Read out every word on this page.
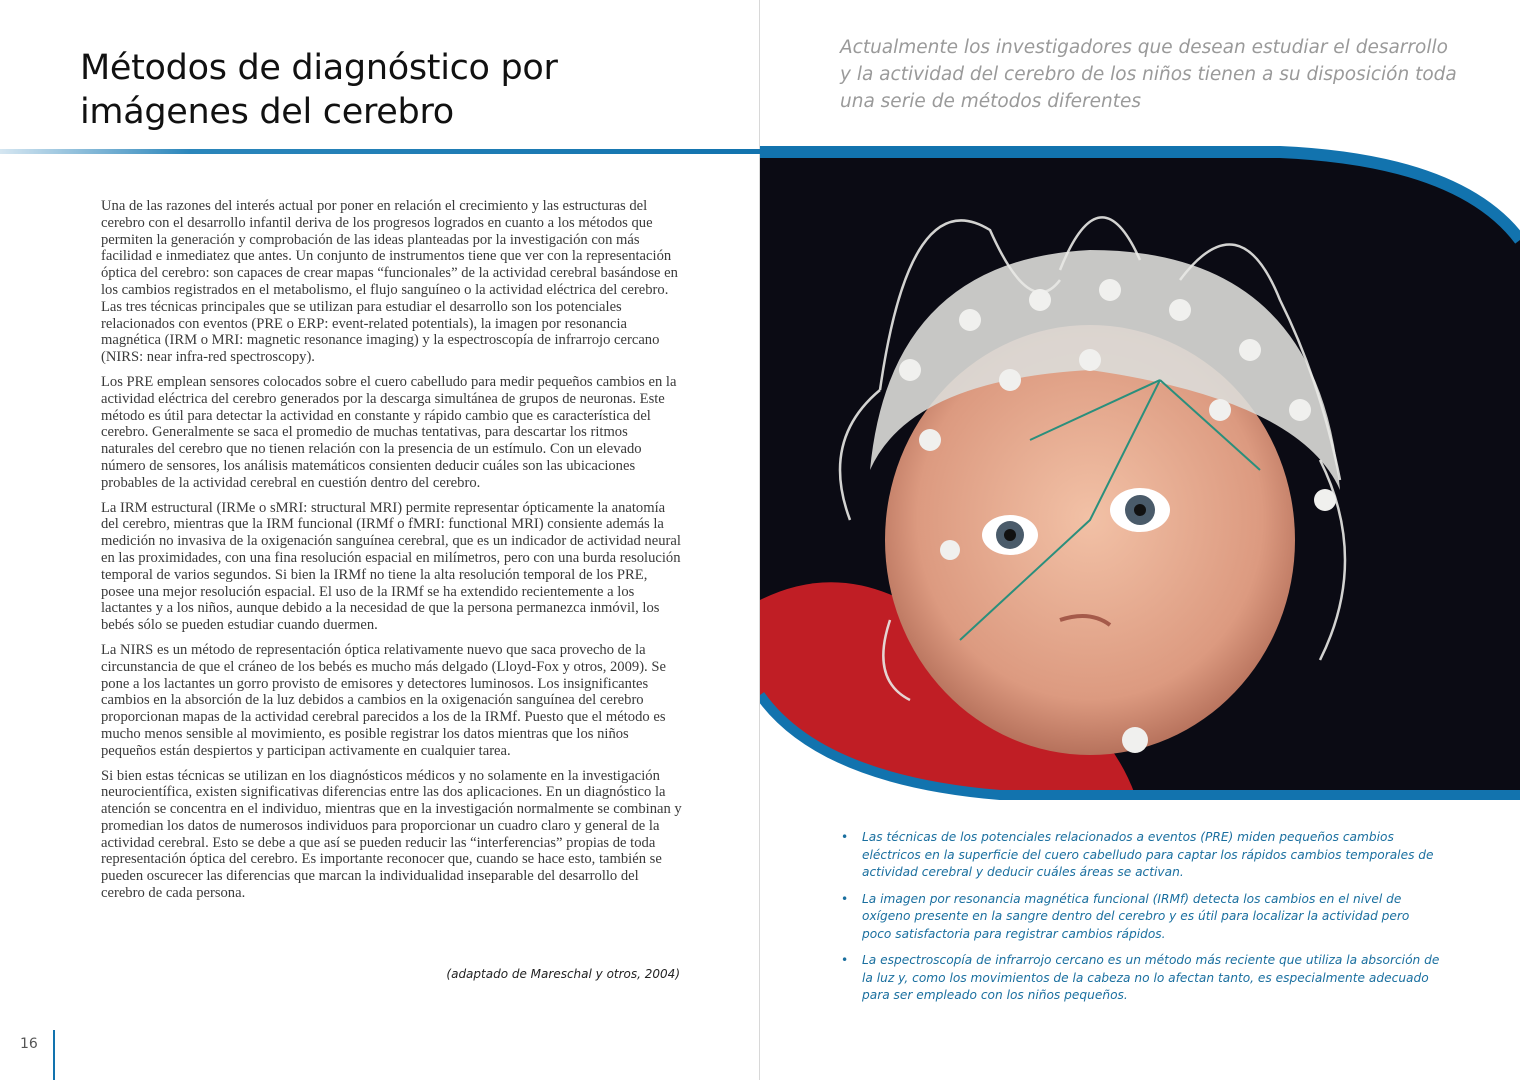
Métodos de diagnóstico por
imágenes del cerebro
Actualmente los investigadores que desean estudiar el desarrollo
y la actividad del cerebro de los niños tienen a su disposición toda
una serie de métodos diferentes

Una de las razones del interés actual por poner en relación el crecimiento y las estructuras del cerebro con el desarrollo infantil deriva de los progresos logrados en cuanto a los métodos que permiten la generación y comprobación de las ideas planteadas por la investigación con más facilidad e inmediatez que antes. Un conjunto de instrumentos tiene que ver con la representación óptica del cerebro: son capaces de crear mapas “funcionales” de la actividad cerebral basándose en los cambios registrados en el metabolismo, el flujo sanguíneo o la actividad eléctrica del cerebro. Las tres técnicas principales que se utilizan para estudiar el desarrollo son los potenciales relacionados con eventos (PRE o ERP: event-related potentials), la imagen por resonancia magnética (IRM o MRI: magnetic resonance imaging) y la espectroscopía de infrarrojo cercano (NIRS: near infra-red spectroscopy).

Los PRE emplean sensores colocados sobre el cuero cabelludo para medir pequeños cambios en la actividad eléctrica del cerebro generados por la descarga simultánea de grupos de neuronas. Este método es útil para detectar la actividad en constante y rápido cambio que es característica del cerebro. Generalmente se saca el promedio de muchas tentativas, para descartar los ritmos naturales del cerebro que no tienen relación con la presencia de un estímulo. Con un elevado número de sensores, los análisis matemáticos consienten deducir cuáles son las ubicaciones probables de la actividad cerebral en cuestión dentro del cerebro.

La IRM estructural (IRMe o sMRI: structural MRI) permite representar ópticamente la anatomía del cerebro, mientras que la IRM funcional (IRMf o fMRI: functional MRI) consiente además la medición no invasiva de la oxigenación sanguínea cerebral, que es un indicador de actividad neural en las proximidades, con una fina resolución espacial en milímetros, pero con una burda resolución temporal de varios segundos. Si bien la IRMf no tiene la alta resolución temporal de los PRE, posee una mejor resolución espacial. El uso de la IRMf se ha extendido recientemente a los lactantes y a los niños, aunque debido a la necesidad de que la persona permanezca inmóvil, los bebés sólo se pueden estudiar cuando duermen.

La NIRS es un método de representación óptica relativamente nuevo que saca provecho de la circunstancia de que el cráneo de los bebés es mucho más delgado (Lloyd-Fox y otros, 2009). Se pone a los lactantes un gorro provisto de emisores y detectores luminosos. Los insignificantes cambios en la absorción de la luz debidos a cambios en la oxigenación sanguínea del cerebro proporcionan mapas de la actividad cerebral parecidos a los de la IRMf. Puesto que el método es mucho menos sensible al movimiento, es posible registrar los datos mientras que los niños pequeños están despiertos y participan activamente en cualquier tarea.

Si bien estas técnicas se utilizan en los diagnósticos médicos y no solamente en la investigación neurocientífica, existen significativas diferencias entre las dos aplicaciones. En un diagnóstico la atención se concentra en el individuo, mientras que en la investigación normalmente se combinan y promedian los datos de numerosos individuos para proporcionar un cuadro claro y general de la actividad cerebral. Esto se debe a que así se pueden reducir las “interferencias” propias de toda representación óptica del cerebro. Es importante reconocer que, cuando se hace esto, también se pueden oscurecer las diferencias que marcan la individualidad inseparable del desarrollo del cerebro de cada persona.

(adaptado de Mareschal y otros, 2004)
16
• Las técnicas de los potenciales relacionados a eventos (PRE) miden pequeños cambios eléctricos en la superficie del cuero cabelludo para captar los rápidos cambios temporales de actividad cerebral y deducir cuáles áreas se activan.
• La imagen por resonancia magnética funcional (IRMf) detecta los cambios en el nivel de oxígeno presente en la sangre dentro del cerebro y es útil para localizar la actividad pero poco satisfactoria para registrar cambios rápidos.
• La espectroscopía de infrarrojo cercano es un método más reciente que utiliza la absorción de la luz y, como los movimientos de la cabeza no lo afectan tanto, es especialmente adecuado para ser empleado con los niños pequeños.
